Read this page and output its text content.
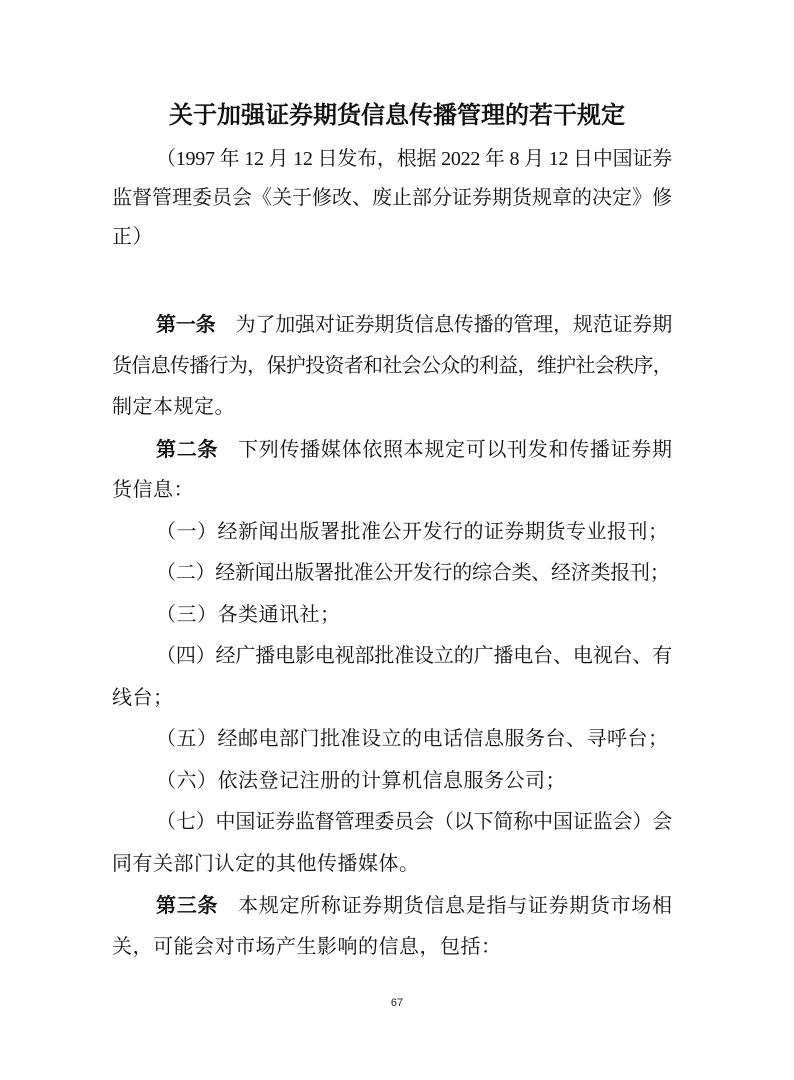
关于加强证券期货信息传播管理的若干规定
（1997 年 12 月 12 日发布，根据 2022 年 8 月 12 日中国证券
监督管理委员会《关于修改、废止部分证券期货规章的决定》修
正）
第一条 为了加强对证券期货信息传播的管理，规范证券期
货信息传播行为，保护投资者和社会公众的利益，维护社会秩序，
制定本规定。
第二条 下列传播媒体依照本规定可以刊发和传播证券期
货信息：
（一）经新闻出版署批准公开发行的证券期货专业报刊；
（二）经新闻出版署批准公开发行的综合类、经济类报刊；
（三）各类通讯社；
（四）经广播电影电视部批准设立的广播电台、电视台、有
线台；
（五）经邮电部门批准设立的电话信息服务台、寻呼台；
（六）依法登记注册的计算机信息服务公司；
（七）中国证券监督管理委员会（以下简称中国证监会）会
同有关部门认定的其他传播媒体。
第三条 本规定所称证券期货信息是指与证券期货市场相
关，可能会对市场产生影响的信息，包括：
67
